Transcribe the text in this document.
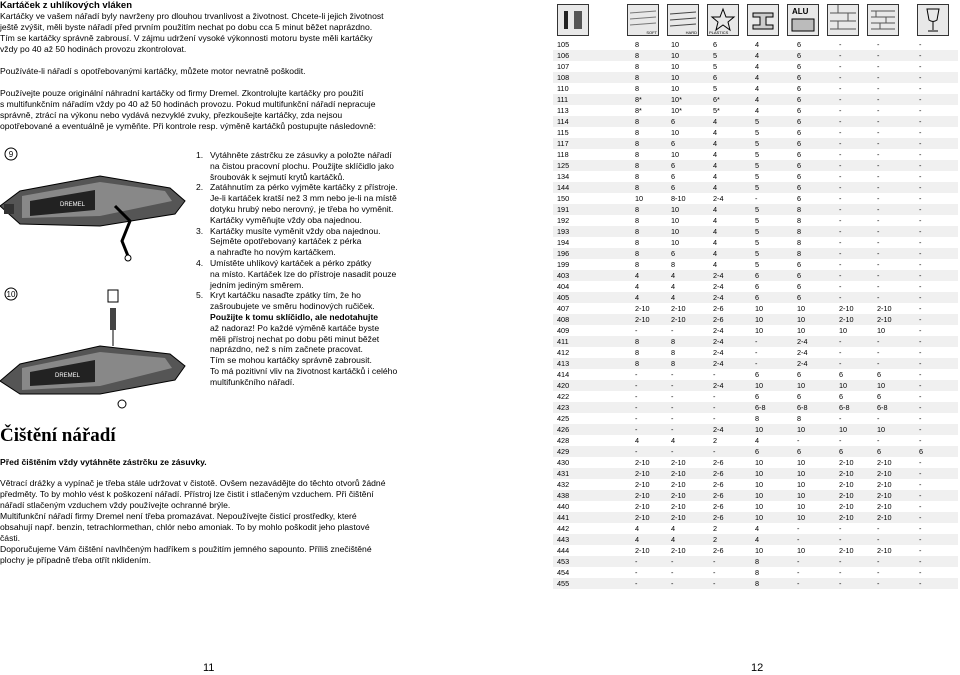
Kartáček z uhlíkových vláken

Kartáčky ve vašem nářadí byly navrženy pro dlouhou trvanlivost a životnost. Chcete-li jejich životnost

ještě zvýšit, měli byste nářadí před prvním použitím nechat po dobu cca 5 minut běžet naprázdno.

Tím se kartáčky správně zabrousí. V zájmu udržení vysoké výkonnosti motoru byste měli kartáčky

vždy po 40 až 50 hodinách provozu zkontrolovat.

Používáte-li nářadí s opotřebovanými kartáčky, můžete motor nevratně poškodit.

Používejte pouze originální náhradní kartáčky od firmy Dremel. Zkontrolujte kartáčky pro použití

s multifunkčním nářadím vždy po 40 až 50 hodinách provozu. Pokud multifunkční nářadí nepracuje

správně, ztrácí na výkonu nebo vydává nezvyklé zvuky, přezkoušejte kartáčky, zda nejsou

opotřebované a eventuálně je vyměňte. Při kontrole resp. výměně kartáčků postupujte následovně:

9
DREMEL
10
DREMEL
1. Vytáhněte zástrčku ze zásuvky a položte nářadí
na čistou pracovní plochu. Použijte sklíčidlo jako
šroubovák k sejmutí krytů kartáčků.
2. Zatáhnutím za pérko vyjměte kartáčky z přístroje.
Je-li kartáček kratší než 3 mm nebo je-li na místě
dotyku hrubý nebo nerovný, je třeba ho vyměnit.
Kartáčky vyměňujte vždy oba najednou.
3. Kartáčky musíte vyměnit vždy oba najednou.
Sejměte opotřebovaný kartáček z pérka
a nahraďte ho novým kartáčkem.
4. Umístěte uhlíkový kartáček a pérko zpátky
na místo. Kartáček lze do přístroje nasadit pouze
jedním jediným směrem.
5. Kryt kartáčku nasaďte zpátky tím, že ho
zašroubujete ve směru hodinových ručiček.
Použijte k tomu sklíčidlo, ale nedotahujte
až nadoraz! Po každé výměně kartáče byste
měli přístroj nechat po dobu pěti minut běžet
naprázdno, než s ním začnete pracovat.
Tím se mohou kartáčky správně zabrousit.
To má pozitivní vliv na životnost kartáčků i celého
multifunkčního nářadí.
Čištění nářadí

Před čištěním vždy vytáhněte zástrčku ze zásuvky.

Větrací drážky a vypínač je třeba stále udržovat v čistotě. Ovšem nezavádějte do těchto otvorů žádné

předměty. To by mohlo vést k poškození nářadí. Přístroj lze čistit i stlačeným vzduchem. Při čištění

nářadí stlačeným vzduchem vždy používejte ochranné brýle.

Multifunkční nářadí firmy Dremel není třeba promazávat. Nepoužívejte čisticí prostředky, které

obsahují např. benzin, tetrachlormethan, chlór nebo amoniak. To by mohlo poškodit jeho plastové

části.

Doporučujeme Vám čištění navlhčeným hadříkem s použitím jemného sapounto. Příliš znečištěné

plochy je případně třeba otřít nklidením.

11
SOFT	HARD	PLASTICS
ALU
105	8	10	6	4	6	-	-	-
106	8	10	5	4	6	-	-	-
107	8	10	5	4	6	-	-	-
108	8	10	6	4	6	-	-	-
110	8	10	5	4	6	-	-	-
111	8*	10*	6*	4	6	-	-	-
113	8*	10*	5*	4	6	-	-	-
114	8	6	4	5	6	-	-	-
115	8	10	4	5	6	-	-	-
117	8	6	4	5	6	-	-	-
118	8	10	4	5	6	-	-	-
125	8	6	4	5	6	-	-	-
134	8	6	4	5	6	-	-	-
144	8	6	4	5	6	-	-	-
150	10	8-10	2-4	-	6	-	-	-
191	8	10	4	5	8	-	-	-
192	8	10	4	5	8	-	-	-
193	8	10	4	5	8	-	-	-
194	8	10	4	5	8	-	-	-
196	8	6	4	5	8	-	-	-
199	8	8	4	5	6	-	-	-
403	4	4	2-4	6	6	-	-	-
404	4	4	2-4	6	6	-	-	-
405	4	4	2-4	6	6	-	-	-
407	2-10	2-10	2-6	10	10	2-10	2-10	-
408	2-10	2-10	2-6	10	10	2-10	2-10	-
409	-	-	2-4	10	10	10	10	-
411	8	8	2-4	-	2-4	-	-	-
412	8	8	2-4	-	2-4	-	-	-
413	8	8	2-4	-	2-4	-	-	-
414	-	-	-	6	6	6	6	-
420	-	-	2-4	10	10	10	10	-
422	-	-	-	6	6	6	6	-
423	-	-	-	6-8	6-8	6-8	6-8	-
425	-	-	-	8	8	-	-	-
426	-	-	2-4	10	10	10	10	-
428	4	4	2	4	-	-	-	-
429	-	-	-	6	6	6	6	6
430	2-10	2-10	2-6	10	10	2-10	2-10	-
431	2-10	2-10	2-6	10	10	2-10	2-10	-
432	2-10	2-10	2-6	10	10	2-10	2-10	-
438	2-10	2-10	2-6	10	10	2-10	2-10	-
440	2-10	2-10	2-6	10	10	2-10	2-10	-
441	2-10	2-10	2-6	10	10	2-10	2-10	-
442	4	4	2	4	-	-	-	-
443	4	4	2	4	-	-	-	-
444	2-10	2-10	2-6	10	10	2-10	2-10	-
453	-	-	-	8	-	-	-	-
454	-	-	-	8	-	-	-	-
455	-	-	-	8	-	-	-	-
12
